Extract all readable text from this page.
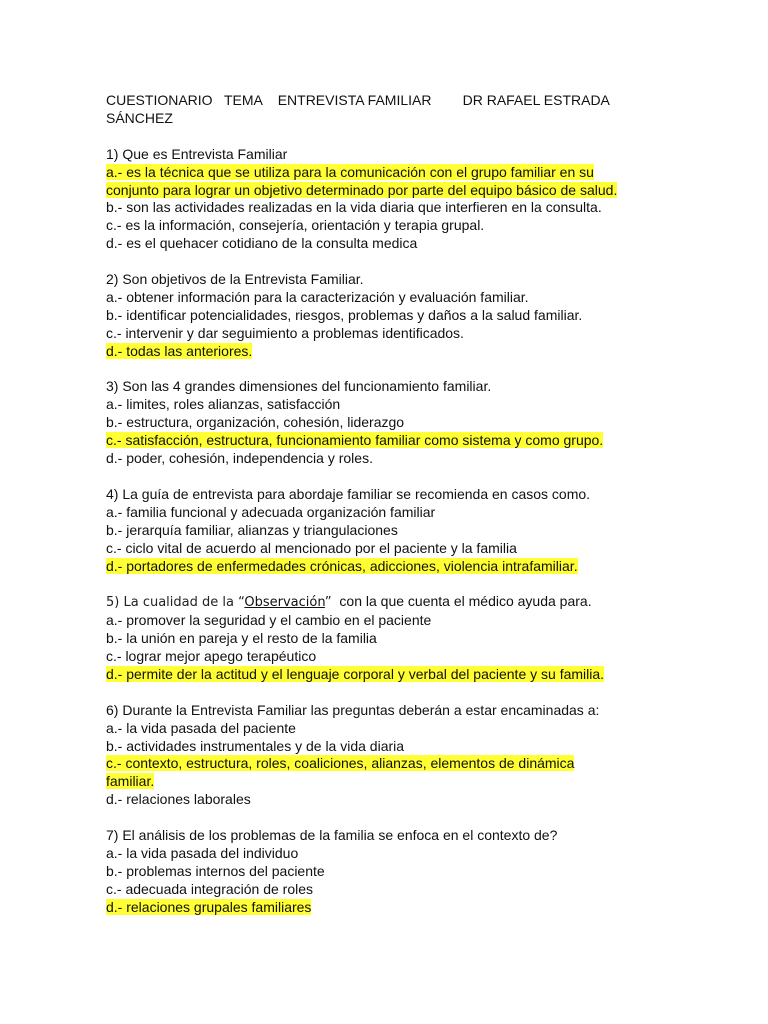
CUESTIONARIO TEMA ENTREVISTA FAMILIAR DR RAFAEL ESTRADA
SÁNCHEZ
1) Que es Entrevista Familiar
a.- es la técnica que se utiliza para la comunicación con el grupo familiar en su
conjunto para lograr un objetivo determinado por parte del equipo básico de salud.
b.- son las actividades realizadas en la vida diaria que interfieren en la consulta.
c.- es la información, consejería, orientación y terapia grupal.
d.- es el quehacer cotidiano de la consulta medica
2) Son objetivos de la Entrevista Familiar.
a.- obtener información para la caracterización y evaluación familiar.
b.- identificar potencialidades, riesgos, problemas y daños a la salud familiar.
c.- intervenir y dar seguimiento a problemas identificados.
d.- todas las anteriores.
3) Son las 4 grandes dimensiones del funcionamiento familiar.
a.- limites, roles alianzas, satisfacción
b.- estructura, organización, cohesión, liderazgo
c.- satisfacción, estructura, funcionamiento familiar como sistema y como grupo.
d.- poder, cohesión, independencia y roles.
4) La guía de entrevista para abordaje familiar se recomienda en casos como.
a.- familia funcional y adecuada organización familiar
b.- jerarquía familiar, alianzas y triangulaciones
c.- ciclo vital de acuerdo al mencionado por el paciente y la familia
d.- portadores de enfermedades crónicas, adicciones, violencia intrafamiliar.
5) La cualidad de la “Observación”  con la que cuenta el médico ayuda para.
a.- promover la seguridad y el cambio en el paciente
b.- la unión en pareja y el resto de la familia
c.- lograr mejor apego terapéutico
d.- permite der la actitud y el lenguaje corporal y verbal del paciente y su familia.
6) Durante la Entrevista Familiar las preguntas deberán a estar encaminadas a:
a.- la vida pasada del paciente
b.- actividades instrumentales y de la vida diaria
c.- contexto, estructura, roles, coaliciones, alianzas, elementos de dinámica
familiar.
d.- relaciones laborales
7) El análisis de los problemas de la familia se enfoca en el contexto de?
a.- la vida pasada del individuo
b.- problemas internos del paciente
c.- adecuada integración de roles
d.- relaciones grupales familiares
